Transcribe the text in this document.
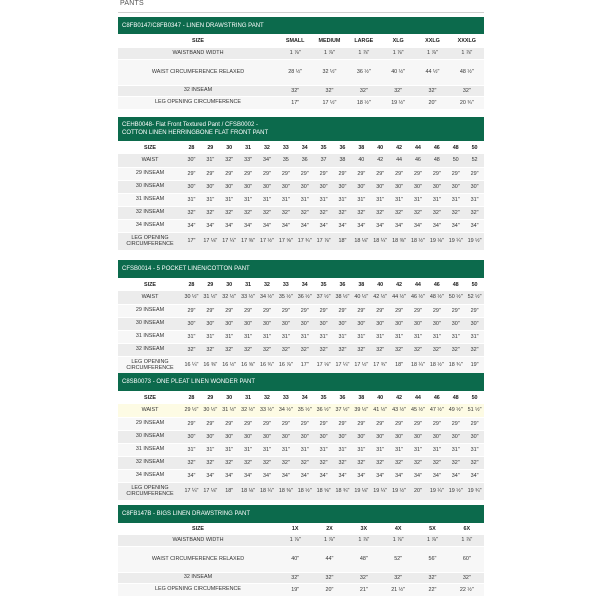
PANTS
C8FB0147/C8FB0347 - LINEN DRAWSTRING PANT
SIZE	SMALL	MEDIUM	LARGE	XLG	XXLG	XXXLG
WAISTBAND WIDTH	1 ⅞"	1 ⅞"	1 ⅞"	1 ⅞"	1 ⅞"	1 ⅞"
WAIST CIRCUMFERENCE RELAXED	28 ½"	32 ½"	36 ½"	40 ½"	44 ½"	48 ½"
32 INSEAM	32"	32"	32"	32"	32"	32"
LEG OPENING CIRCUMFERENCE	17"	17 ½"	18 ½"	19 ½"	20"	20 ¾"
CEHB0048- Flat Front Textured Pant / CFSB0002 -
COTTON LINEN HERRINGBONE FLAT FRONT PANT
SIZE	28	29	30	31	32	33	34	35	36	38	40	42	44	46	48	50
WAIST	30"	31"	32"	33"	34"	35	36	37	38	40	42	44	46	48	50	52
29 INSEAM	29"	29"	29"	29"	29"	29"	29"	29"	29"	29"	29"	29"	29"	29"	29"	29"
30 INSEAM	30"	30"	30"	30"	30"	30"	30"	30"	30"	30"	30"	30"	30"	30"	30"	30"
31 INSEAM	31"	31"	31"	31"	31"	31"	31"	31"	31"	31"	31"	31"	31"	31"	31"	31"
32 INSEAM	32"	32"	32"	32"	32"	32"	32"	32"	32"	32"	32"	32"	32"	32"	32"	32"
34 INSEAM	34"	34"	34"	34"	34"	34"	34"	34"	34"	34"	34"	34"	34"	34"	34"	34"
LEG OPENING CIRCUMFERENCE	17"	17 ⅛"	17 ¼"	17 ⅜"	17 ½"	17 ⅝"	17 ¾"	17 ⅞"	18"	18 ⅛"	18 ¼"	18 ⅜"	18 ½"	19 ⅛"	19 ¼"	19 ½"
CFSB0014 - 5 POCKET LINEN/COTTON PANT
SIZE	28	29	30	31	32	33	34	35	36	38	40	42	44	46	48	50
WAIST	30 ½"	31 ½"	32 ½"	33 ½"	34 ½"	35 ½"	36 ½"	37 ½"	38 ½"	40 ½"	42 ½"	44 ½"	46 ½"	48 ½"	50 ½"	52 ½"
29 INSEAM	29"	29"	29"	29"	29"	29"	29"	29"	29"	29"	29"	29"	29"	29"	29"	29"
30 INSEAM	30"	30"	30"	30"	30"	30"	30"	30"	30"	30"	30"	30"	30"	30"	30"	30"
31 INSEAM	31"	31"	31"	31"	31"	31"	31"	31"	31"	31"	31"	31"	31"	31"	31"	31"
32 INSEAM	32"	32"	32"	32"	32"	32"	32"	32"	32"	32"	32"	32"	32"	32"	32"	32"
LEG OPENING CIRCUMFERENCE	16 ¼"	16 ⅜"	16 ½"	16 ⅝"	16 ¾"	16 ⅞"	17"	17 ⅛"	17 ¼"	17 ½"	17 ¾"	18"	18 ¼"	18 ½"	18 ¾"	19"
C8SB0073 - ONE PLEAT LINEN WONDER PANT
SIZE	28	29	30	31	32	33	34	35	36	38	40	42	44	46	48	50
WAIST	29 ½"	30 ½"	31 ½"	32 ½"	33 ½"	34 ½"	35 ½"	36 ½"	37 ½"	39 ½"	41 ½"	43 ½"	45 ½"	47 ½"	49 ½"	51 ½"
29 INSEAM	29"	29"	29"	29"	29"	29"	29"	29"	29"	29"	29"	29"	29"	29"	29"	29"
30 INSEAM	30"	30"	30"	30"	30"	30"	30"	30"	30"	30"	30"	30"	30"	30"	30"	30"
31 INSEAM	31"	31"	31"	31"	31"	31"	31"	31"	31"	31"	31"	31"	31"	31"	31"	31"
32 INSEAM	32"	32"	32"	32"	32"	32"	32"	32"	32"	32"	32"	32"	32"	32"	32"	32"
34 INSEAM	34"	34"	34"	34"	34"	34"	34"	34"	34"	34"	34"	34"	34"	34"	34"	34"
LEG OPENING CIRCUMFERENCE	17 ¼"	17 ⅛"	18"	18 ⅛"	18 ¼"	18 ⅜"	18 ½"	18 ⅝"	18 ¾"	19 ⅛"	19 ¼"	19 ½"	20"	19 ¼"	19 ½"	19 ¾"
C8FB147B - BIGS LINEN DRAWSTRING PANT
SIZE	1X	2X	3X	4X	5X	6X
WAISTBAND WIDTH	1 ⅞"	1 ⅞"	1 ⅞"	1 ⅞"	1 ⅞"	1 ⅞"
WAIST CIRCUMFERENCE RELAXED	40"	44"	48"	52"	56"	60"
32 INSEAM	32"	32"	32"	32"	32"	32"
LEG OPENING CIRCUMFERENCE	19"	20"	21"	21 ½"	22"	22 ½"
